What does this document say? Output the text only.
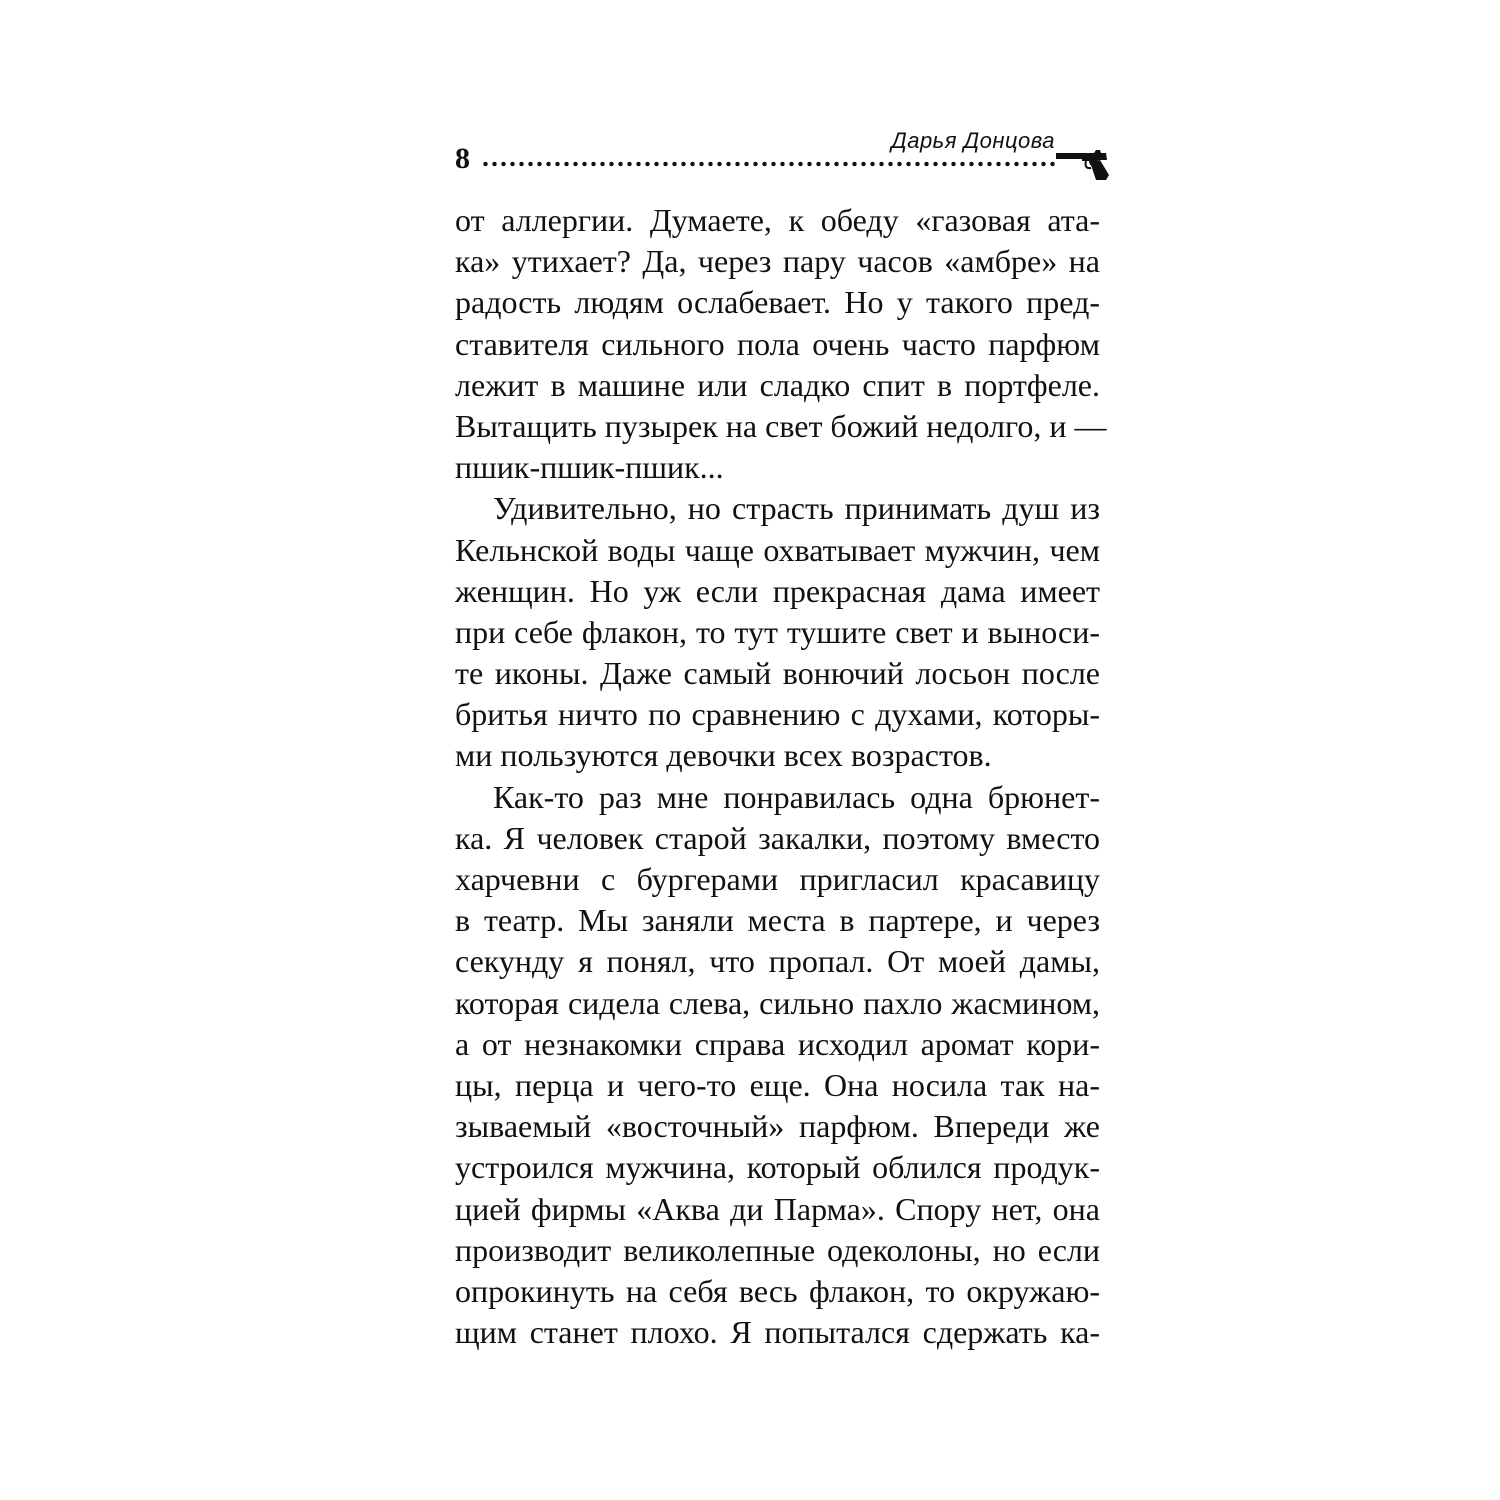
8
Дарья Донцова
от аллергии. Думаете, к обеду «газовая ата-
ка» утихает? Да, через пару часов «амбре» на
радость людям ослабевает. Но у такого пред-
ставителя сильного пола очень часто парфюм
лежит в машине или сладко спит в портфеле.
Вытащить пузырек на свет божий недолго, и —
пшик-пшик-пшик...
Удивительно, но страсть принимать душ из
Кельнской воды чаще охватывает мужчин, чем
женщин. Но уж если прекрасная дама имеет
при себе флакон, то тут тушите свет и выноси-
те иконы. Даже самый вонючий лосьон после
бритья ничто по сравнению с духами, которы-
ми пользуются девочки всех возрастов.
Как-то раз мне понравилась одна брюнет-
ка. Я человек старой закалки, поэтому вместо
харчевни с бургерами пригласил красавицу
в театр. Мы заняли места в партере, и через
секунду я понял, что пропал. От моей дамы,
которая сидела слева, сильно пахло жасмином,
а от незнакомки справа исходил аромат кори-
цы, перца и чего-то еще. Она носила так на-
зываемый «восточный» парфюм. Впереди же
устроился мужчина, который облился продук-
цией фирмы «Аква ди Парма». Спору нет, она
производит великолепные одеколоны, но если
опрокинуть на себя весь флакон, то окружаю-
щим станет плохо. Я попытался сдержать ка-
